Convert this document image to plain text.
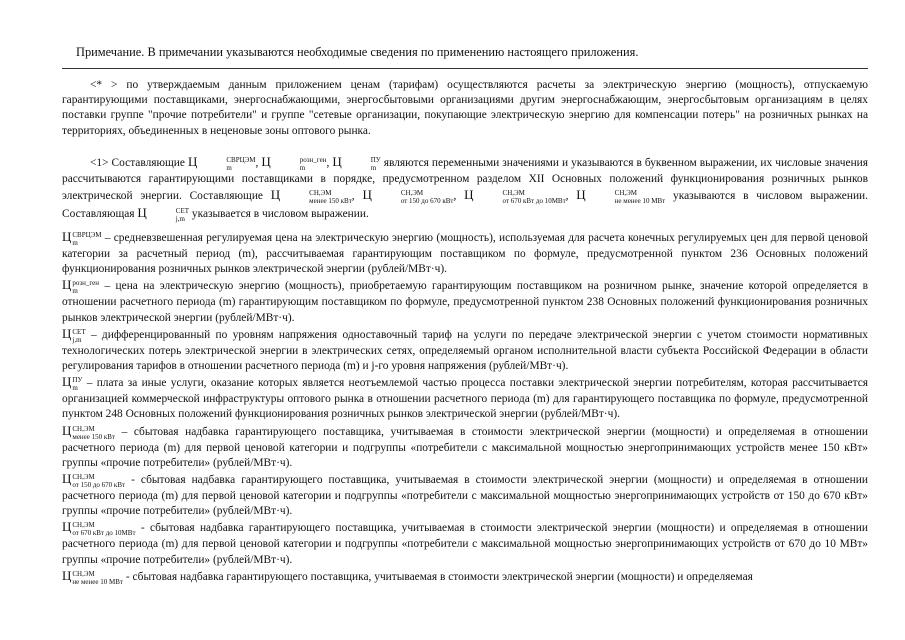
Примечание. В примечании указываются необходимые сведения по применению настоящего приложения.

<* > по утверждаемым данным приложением ценам (тарифам) осуществляются расчеты за электрическую энергию (мощность), отпускаемую гарантирующими поставщиками, энергоснабжающими, энергосбытовыми организациями другим энергоснабжающим, энергосбытовым организациям в целях поставки группе "прочие потребители" и группе "сетевые организации, покупающие электрическую энергию для компенсации потерь" на розничных рынках на территориях, объединенных в неценовые зоны оптового рынка.

<1> Составляющие Ц	СВРЦЭМ
m	, Ц	розн_ген
m	, Ц	ПУ
m являются переменными значениями и указываются в буквенном выражении, их числовые значения рассчитываются гарантирующими поставщиками в порядке, предусмотренном разделом XII Основных положений функционирования розничных рынков электрической энергии. Составляющие Ц	СН,ЭМ
менее 150 кВт , Ц	СН,ЭМ
от 150 до 670 кВт , Ц	СН,ЭМ
от 670 кВт до 10МВт , Ц	СН,ЭМ
не менее 10 МВт указываются в числовом выражении. Составляющая Ц	СЕТ
j,m указывается в числовом выражении.

Ц СВРЦЭМ
m	– средневзвешенная регулируемая цена на электрическую энергию (мощность), используемая для расчета конечных регулируемых цен для первой ценовой категории за расчетный период (m), рассчитываемая гарантирующим поставщиком по формуле, предусмотренной пунктом 236 Основных положений функционирования розничных рынков электрической энергии (рублей/МВт·ч).

Ц розн_ген
m	– цена на электрическую энергию (мощность), приобретаемую гарантирующим поставщиком на розничном рынке, значение которой определяется в отношении расчетного периода (m) гарантирующим поставщиком по формуле, предусмотренной пунктом 238 Основных положений функционирования розничных рынков электрической энергии (рублей/МВт·ч).

Ц СЕТ
j,m – дифференцированный по уровням напряжения одноставочный тариф на услуги по передаче электрической энергии с учетом стоимости нормативных технологических потерь электрической энергии в электрических сетях, определяемый органом исполнительной власти субъекта Российской Федерации в области регулирования тарифов в отношении расчетного периода (m) и j-го уровня напряжения (рублей/МВт·ч).

Ц ПУ
m – плата за иные услуги, оказание которых является неотъемлемой частью процесса поставки электрической энергии потребителям, которая рассчитывается организацией коммерческой инфраструктуры оптового рынка в отношении расчетного периода (m) для гарантирующего поставщика по формуле, предусмотренной пунктом 248 Основных положений функционирования розничных рынков электрической энергии (рублей/МВт·ч).

Ц СН,ЭМ
менее 150 кВт – сбытовая надбавка гарантирующего поставщика, учитываемая в стоимости электрической энергии (мощности) и определяемая в отношении расчетного периода (m) для первой ценовой категории и подгруппы «потребители с максимальной мощностью энергопринимающих устройств менее 150 кВт» группы «прочие потребители» (рублей/МВт·ч).

Ц СН,ЭМ
от 150 до 670 кВт - сбытовая надбавка гарантирующего поставщика, учитываемая в стоимости электрической энергии (мощности) и определяемая в отношении расчетного периода (m) для первой ценовой категории и подгруппы «потребители с максимальной мощностью энергопринимающих устройств от 150 до 670 кВт» группы «прочие потребители» (рублей/МВт·ч).

Ц СН,ЭМ
от 670 кВт до 10МВт - сбытовая надбавка гарантирующего поставщика, учитываемая в стоимости электрической энергии (мощности) и определяемая в отношении расчетного периода (m) для первой ценовой категории и подгруппы «потребители с максимальной мощностью энергопринимающих устройств от 670 до 10 МВт» группы «прочие потребители» (рублей/МВт·ч).

Ц СН,ЭМ
не менее 10 МВт - сбытовая надбавка гарантирующего поставщика, учитываемая в стоимости электрической энергии (мощности) и определяемая
